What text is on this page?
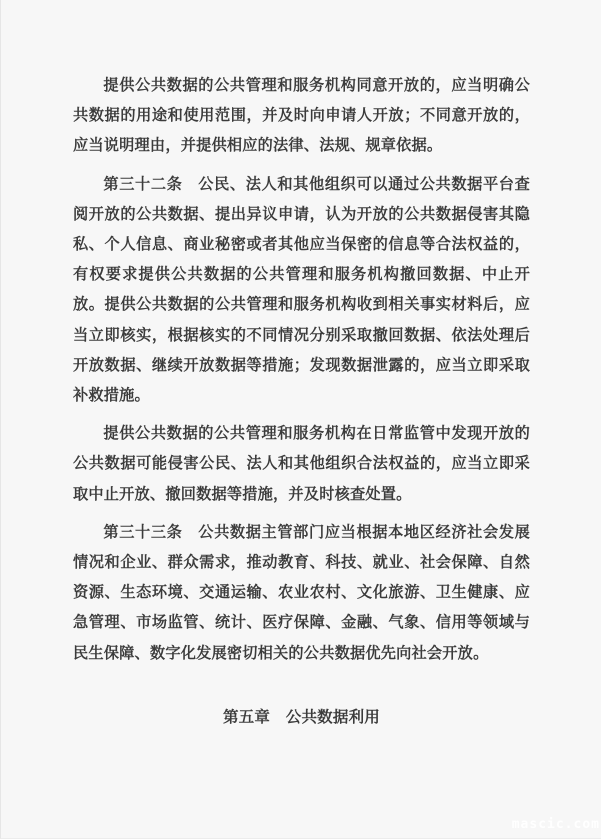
提供公共数据的公共管理和服务机构同意开放的，应当明确公共数据的用途和使用范围，并及时向申请人开放；不同意开放的，应当说明理由，并提供相应的法律、法规、规章依据。

第三十二条　公民、法人和其他组织可以通过公共数据平台查阅开放的公共数据、提出异议申请，认为开放的公共数据侵害其隐私、个人信息、商业秘密或者其他应当保密的信息等合法权益的，有权要求提供公共数据的公共管理和服务机构撤回数据、中止开放。提供公共数据的公共管理和服务机构收到相关事实材料后，应当立即核实，根据核实的不同情况分别采取撤回数据、依法处理后开放数据、继续开放数据等措施；发现数据泄露的，应当立即采取补救措施。

提供公共数据的公共管理和服务机构在日常监管中发现开放的公共数据可能侵害公民、法人和其他组织合法权益的，应当立即采取中止开放、撤回数据等措施，并及时核查处置。

第三十三条　公共数据主管部门应当根据本地区经济社会发展情况和企业、群众需求，推动教育、科技、就业、社会保障、自然资源、生态环境、交通运输、农业农村、文化旅游、卫生健康、应急管理、市场监管、统计、医疗保障、金融、气象、信用等领域与民生保障、数字化发展密切相关的公共数据优先向社会开放。

第五章　公共数据利用
mascic.com
